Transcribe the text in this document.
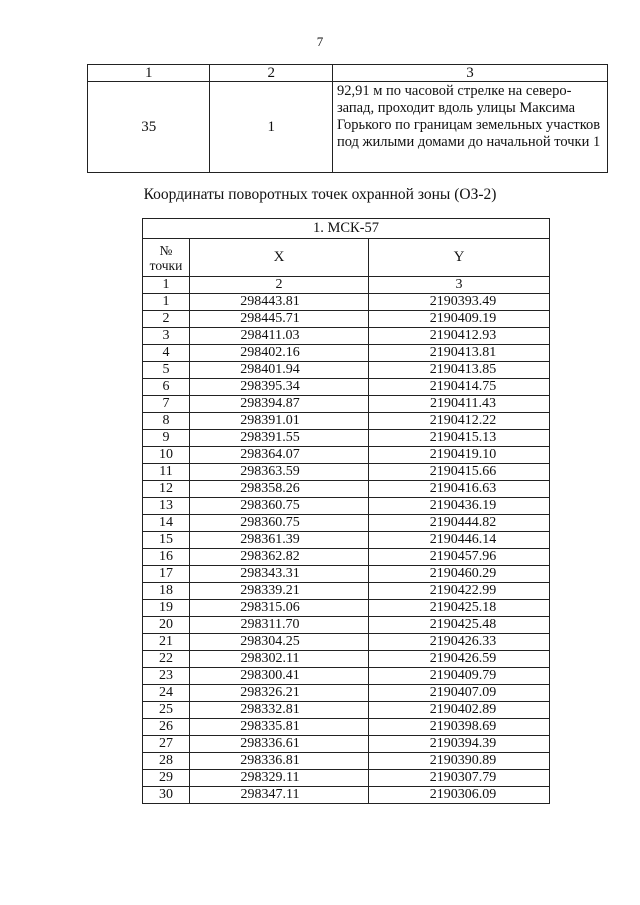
7
1	2	3
35	1	92,91 м по часовой стрелке на северо-запад, проходит вдоль улицы Максима Горького по границам земельных участков под жилыми домами до начальной точки 1
Координаты поворотных точек охранной зоны (ОЗ-2)
1. МСК-57		
№ точки	X	Y
1	2	3
1	298443.81	2190393.49
2	298445.71	2190409.19
3	298411.03	2190412.93
4	298402.16	2190413.81
5	298401.94	2190413.85
6	298395.34	2190414.75
7	298394.87	2190411.43
8	298391.01	2190412.22
9	298391.55	2190415.13
10	298364.07	2190419.10
11	298363.59	2190415.66
12	298358.26	2190416.63
13	298360.75	2190436.19
14	298360.75	2190444.82
15	298361.39	2190446.14
16	298362.82	2190457.96
17	298343.31	2190460.29
18	298339.21	2190422.99
19	298315.06	2190425.18
20	298311.70	2190425.48
21	298304.25	2190426.33
22	298302.11	2190426.59
23	298300.41	2190409.79
24	298326.21	2190407.09
25	298332.81	2190402.89
26	298335.81	2190398.69
27	298336.61	2190394.39
28	298336.81	2190390.89
29	298329.11	2190307.79
30	298347.11	2190306.09
